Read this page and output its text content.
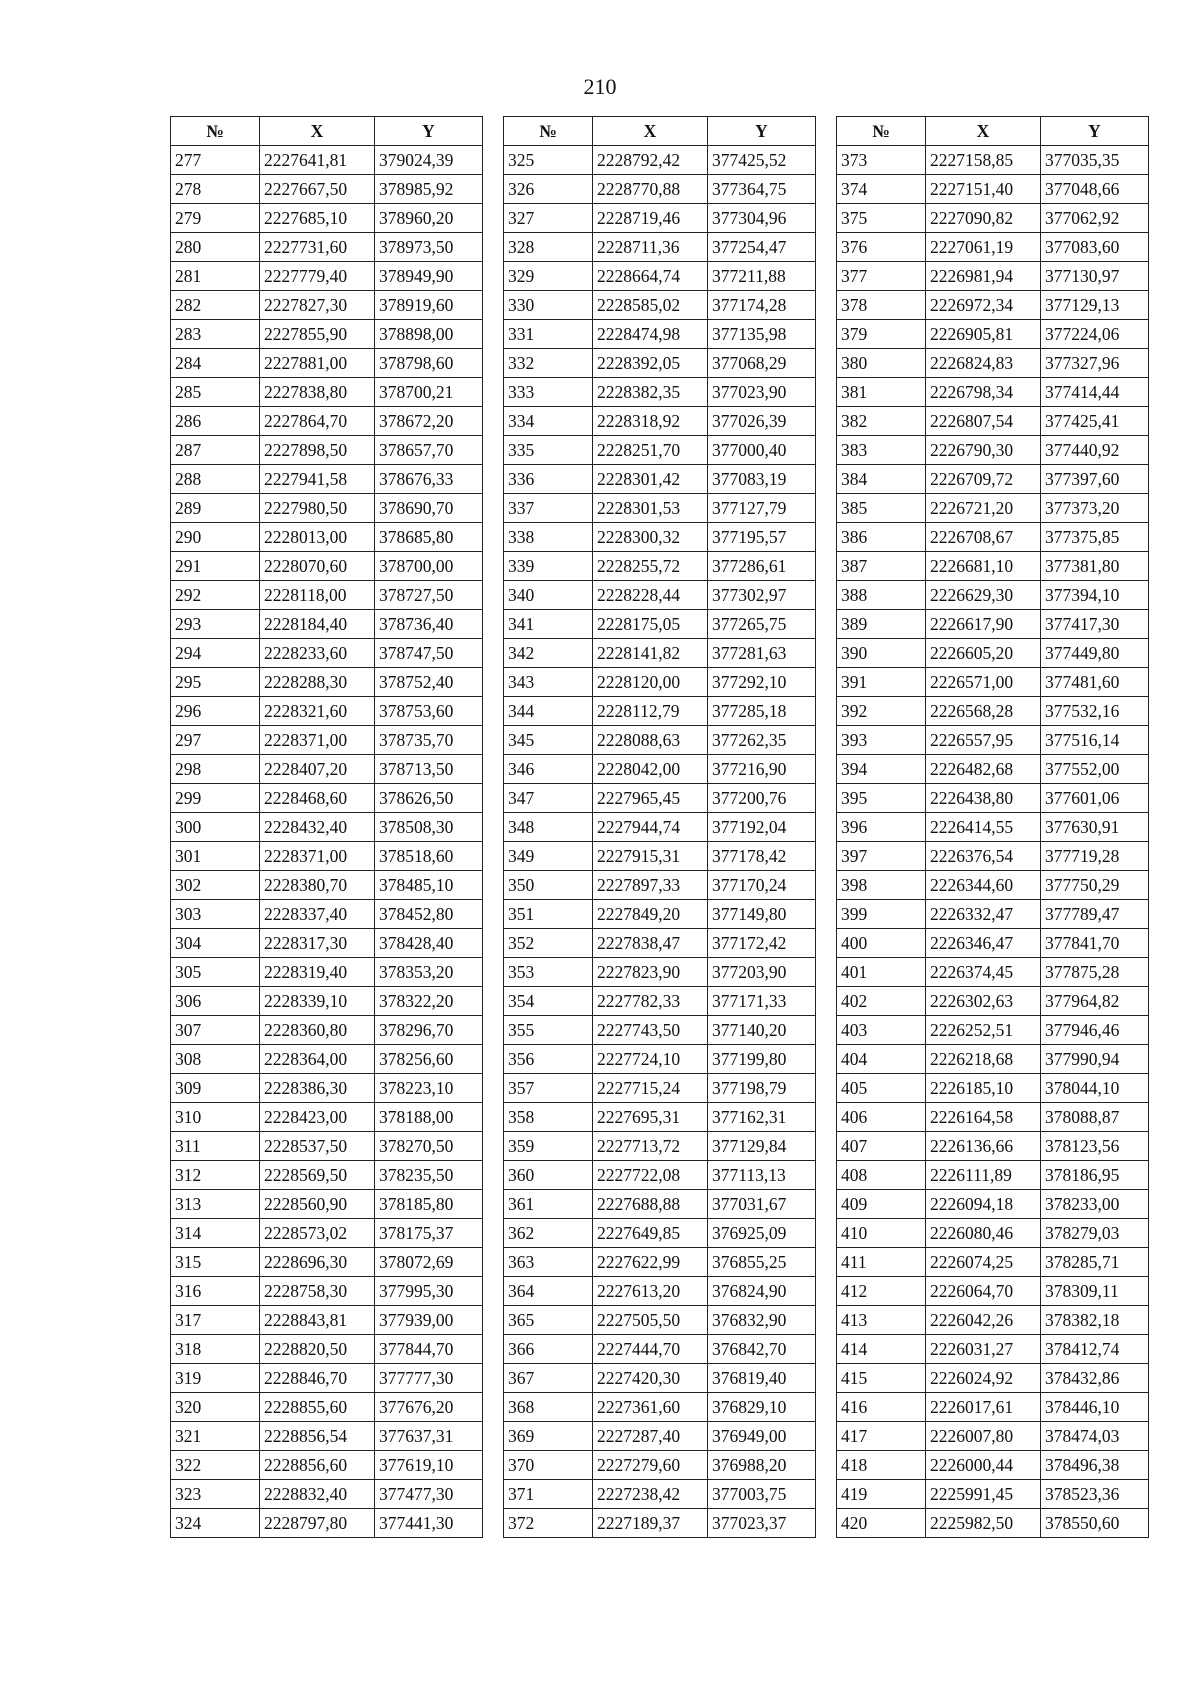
210
№	X	Y
277	2227641,81	379024,39
278	2227667,50	378985,92
279	2227685,10	378960,20
280	2227731,60	378973,50
281	2227779,40	378949,90
282	2227827,30	378919,60
283	2227855,90	378898,00
284	2227881,00	378798,60
285	2227838,80	378700,21
286	2227864,70	378672,20
287	2227898,50	378657,70
288	2227941,58	378676,33
289	2227980,50	378690,70
290	2228013,00	378685,80
291	2228070,60	378700,00
292	2228118,00	378727,50
293	2228184,40	378736,40
294	2228233,60	378747,50
295	2228288,30	378752,40
296	2228321,60	378753,60
297	2228371,00	378735,70
298	2228407,20	378713,50
299	2228468,60	378626,50
300	2228432,40	378508,30
301	2228371,00	378518,60
302	2228380,70	378485,10
303	2228337,40	378452,80
304	2228317,30	378428,40
305	2228319,40	378353,20
306	2228339,10	378322,20
307	2228360,80	378296,70
308	2228364,00	378256,60
309	2228386,30	378223,10
310	2228423,00	378188,00
311	2228537,50	378270,50
312	2228569,50	378235,50
313	2228560,90	378185,80
314	2228573,02	378175,37
315	2228696,30	378072,69
316	2228758,30	377995,30
317	2228843,81	377939,00
318	2228820,50	377844,70
319	2228846,70	377777,30
320	2228855,60	377676,20
321	2228856,54	377637,31
322	2228856,60	377619,10
323	2228832,40	377477,30
324	2228797,80	377441,30
№	X	Y
325	2228792,42	377425,52
326	2228770,88	377364,75
327	2228719,46	377304,96
328	2228711,36	377254,47
329	2228664,74	377211,88
330	2228585,02	377174,28
331	2228474,98	377135,98
332	2228392,05	377068,29
333	2228382,35	377023,90
334	2228318,92	377026,39
335	2228251,70	377000,40
336	2228301,42	377083,19
337	2228301,53	377127,79
338	2228300,32	377195,57
339	2228255,72	377286,61
340	2228228,44	377302,97
341	2228175,05	377265,75
342	2228141,82	377281,63
343	2228120,00	377292,10
344	2228112,79	377285,18
345	2228088,63	377262,35
346	2228042,00	377216,90
347	2227965,45	377200,76
348	2227944,74	377192,04
349	2227915,31	377178,42
350	2227897,33	377170,24
351	2227849,20	377149,80
352	2227838,47	377172,42
353	2227823,90	377203,90
354	2227782,33	377171,33
355	2227743,50	377140,20
356	2227724,10	377199,80
357	2227715,24	377198,79
358	2227695,31	377162,31
359	2227713,72	377129,84
360	2227722,08	377113,13
361	2227688,88	377031,67
362	2227649,85	376925,09
363	2227622,99	376855,25
364	2227613,20	376824,90
365	2227505,50	376832,90
366	2227444,70	376842,70
367	2227420,30	376819,40
368	2227361,60	376829,10
369	2227287,40	376949,00
370	2227279,60	376988,20
371	2227238,42	377003,75
372	2227189,37	377023,37
№	X	Y
373	2227158,85	377035,35
374	2227151,40	377048,66
375	2227090,82	377062,92
376	2227061,19	377083,60
377	2226981,94	377130,97
378	2226972,34	377129,13
379	2226905,81	377224,06
380	2226824,83	377327,96
381	2226798,34	377414,44
382	2226807,54	377425,41
383	2226790,30	377440,92
384	2226709,72	377397,60
385	2226721,20	377373,20
386	2226708,67	377375,85
387	2226681,10	377381,80
388	2226629,30	377394,10
389	2226617,90	377417,30
390	2226605,20	377449,80
391	2226571,00	377481,60
392	2226568,28	377532,16
393	2226557,95	377516,14
394	2226482,68	377552,00
395	2226438,80	377601,06
396	2226414,55	377630,91
397	2226376,54	377719,28
398	2226344,60	377750,29
399	2226332,47	377789,47
400	2226346,47	377841,70
401	2226374,45	377875,28
402	2226302,63	377964,82
403	2226252,51	377946,46
404	2226218,68	377990,94
405	2226185,10	378044,10
406	2226164,58	378088,87
407	2226136,66	378123,56
408	2226111,89	378186,95
409	2226094,18	378233,00
410	2226080,46	378279,03
411	2226074,25	378285,71
412	2226064,70	378309,11
413	2226042,26	378382,18
414	2226031,27	378412,74
415	2226024,92	378432,86
416	2226017,61	378446,10
417	2226007,80	378474,03
418	2226000,44	378496,38
419	2225991,45	378523,36
420	2225982,50	378550,60
